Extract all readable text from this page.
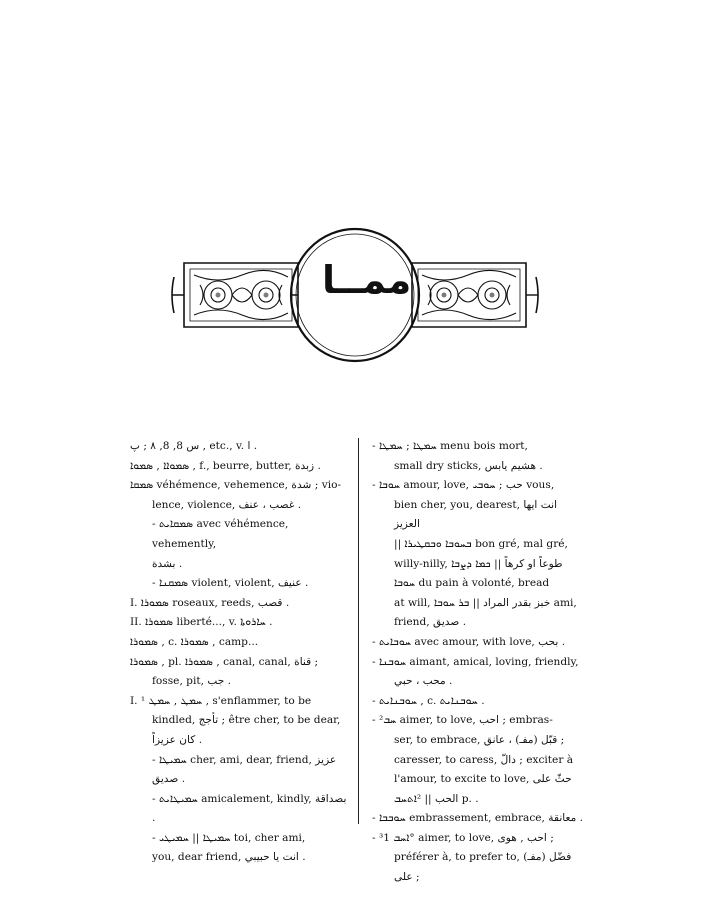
ممــا
س 8, 8, ٨ ; پ , etc., v. ا .
ܣܡܘܐܐ , ܣܡܘܐ , f., beurre, butter, زبدة .
ܣܡܩܐ véhémence, vehemence, شدة ; vio-
lence, violence, غصب ، عنف .
- ܣܡܩܐܝܬ avec véhémence, vehemently,
بشدة .
- ܣܡܩܢܐ violent, violent, عنيف .
I. ܣܡܘܪܐ roseaux, reeds, قصب .
II. ܣܡܘܪܐ liberté..., v. ܚܐܪܘܬܐ .
ܣܡܘܪܐ , c. ܣܡܘܪܐ , camp...
ܣܡܘܪܐ , pl. ܣܡܘܪܐ , canal, canal, قناة ;
fosse, pit, جب .
I. ¹ ܚܡܛ , ܚܡܛ , s'enflammer, to be
kindled, تأجج ; être cher, to be dear,
كان عزيزاً .
- ܚܡܝܛܐ cher, ami, dear, friend, عزيز
صديق .
- ܚܡܝܛܐܝܬ amicalement, kindly, بصداقة .
- ܚܡܝܛܐ || ܚܡܝܛܝ toi, cher ami,
you, dear friend, انت يا حبيبي .
- ܚܡܛܐ ; ܚܡܛܐ menu bois mort,
small dry sticks, هشيم يابس .
- ܚܘܒܐ amour, love, حب ; ܚܘܒܝ vous,
bien cher, you, dearest, انت ايها العزيز
|| ܒܚܘܒܐ ܘܒܩܛܝܪܐ bon gré, mal gré,
willy-nilly, طوعاً او كرهاً || ܟܡܐ ܕܨܒܐ
ܚܘܒܐ du pain à volonté, bread
at will, خبز بقدر المراد || ܒܪ ܚܘܒܐ ami,
friend, صديق .
- ܚܘܒܐܝܬ avec amour, with love, بحب .
- ܚܘܒܢܐ aimant, amical, loving, friendly,
محب ، حبي .
- ܚܘܒܢܐܝܬ , c. ܚܘܒܢܐܝܬ .
- ²ܚܒ aimer, to love, احب ; embras-
ser, to embrace, قبّل (مفـ) ، عانق ;
caresser, to caress, دالّ ; exciter à
l'amour, to excite to love, حثّ على
الحب || ²ܐܬܚܒ p. .
- ܚܘܒܒܐ embrassement, embrace, معانقة .
- ³ܐܚܒ 1° aimer, to love, احب , هوى ;
préférer à, to prefer to, فضّل (مفـ) على ;
